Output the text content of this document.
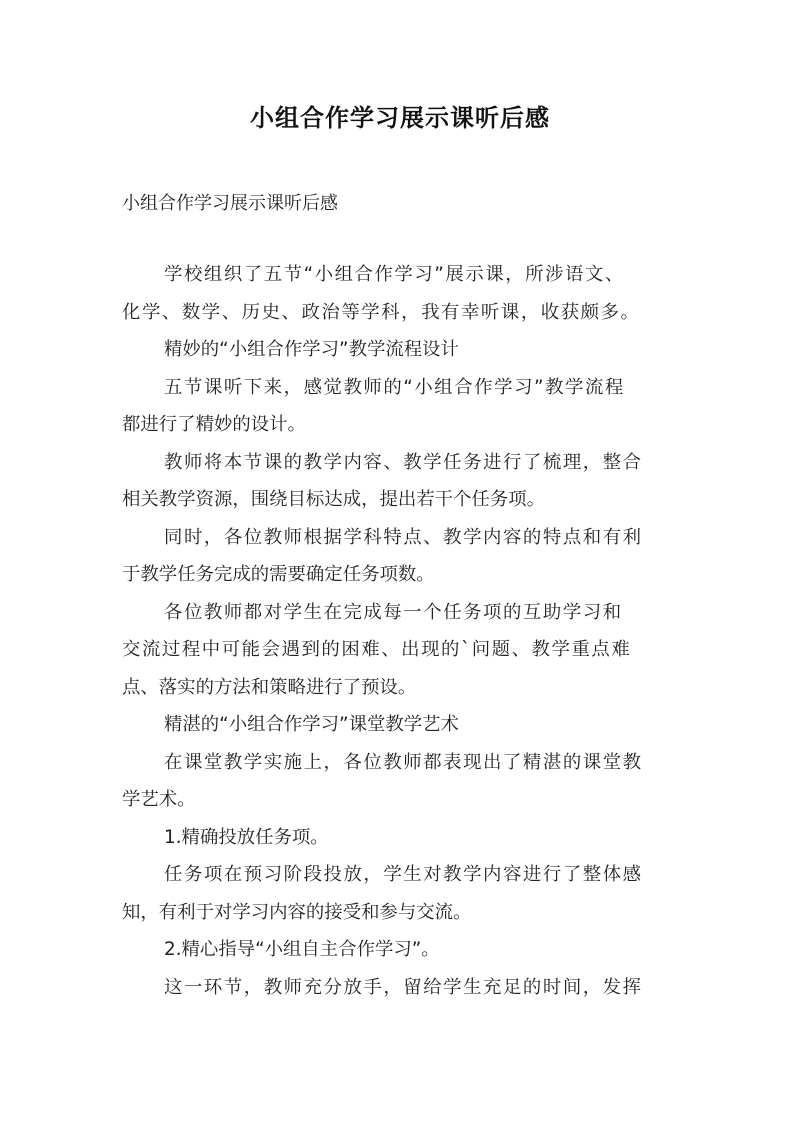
小组合作学习展示课听后感
小组合作学习展示课听后感
学校组织了五节“小组合作学习”展示课，所涉语文、
化学、数学、历史、政治等学科，我有幸听课，收获颇多。
精妙的“小组合作学习”教学流程设计
五节课听下来，感觉教师的“小组合作学习”教学流程
都进行了精妙的设计。
教师将本节课的教学内容、教学任务进行了梳理，整合
相关教学资源，围绕目标达成，提出若干个任务项。
同时，各位教师根据学科特点、教学内容的特点和有利
于教学任务完成的需要确定任务项数。
各位教师都对学生在完成每一个任务项的互助学习和
交流过程中可能会遇到的困难、出现的`问题、教学重点难
点、落实的方法和策略进行了预设。
精湛的“小组合作学习”课堂教学艺术
在课堂教学实施上，各位教师都表现出了精湛的课堂教
学艺术。
1.精确投放任务项。
任务项在预习阶段投放，学生对教学内容进行了整体感
知，有利于对学习内容的接受和参与交流。
2.精心指导“小组自主合作学习”。
这一环节，教师充分放手，留给学生充足的时间，发挥
